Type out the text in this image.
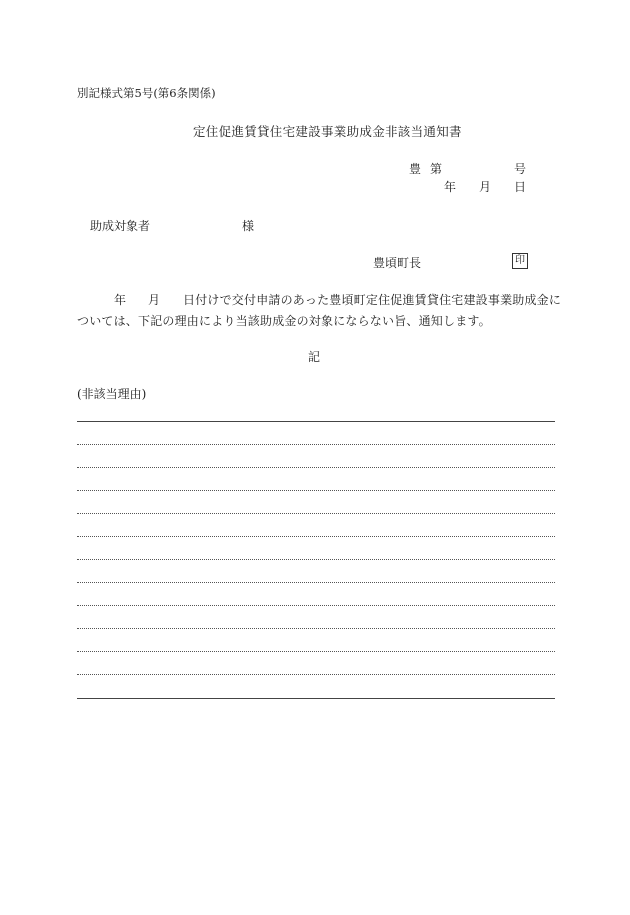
別記様式第5号(第6条関係)
定住促進賃貸住宅建設事業助成金非該当通知書
豊 第	号
年 月 日
助成対象者	様
豊頃町長	印
年 月 日付けで交付申請のあった豊頃町定住促進賃貸住宅建設事業助成金に
ついては、下記の理由により当該助成金の対象にならない旨、通知します。
記
(非該当理由)
